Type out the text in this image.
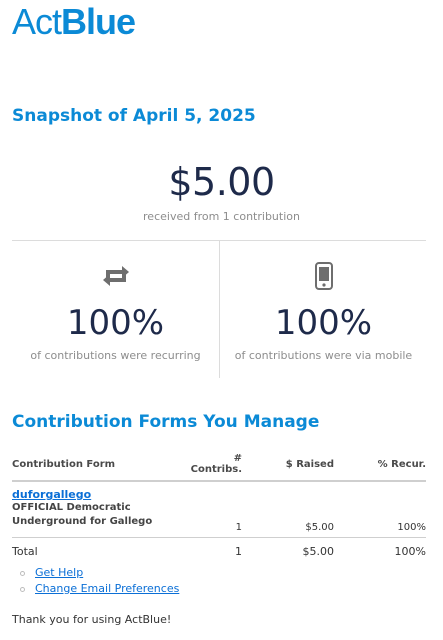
ActBlue
Snapshot of April 5, 2025
$5.00
received from 1 contribution
100%
of contributions were recurring
100%
of contributions were via mobile
Contribution Forms You Manage
Contribution Form	# Contribs.	$ Raised	% Recur.

duforgallego
OFFICIAL Democratic Underground for Gallego	1	$5.00	100%
Total	1	$5.00	100%
Get Help
Change Email Preferences
Thank you for using ActBlue!
